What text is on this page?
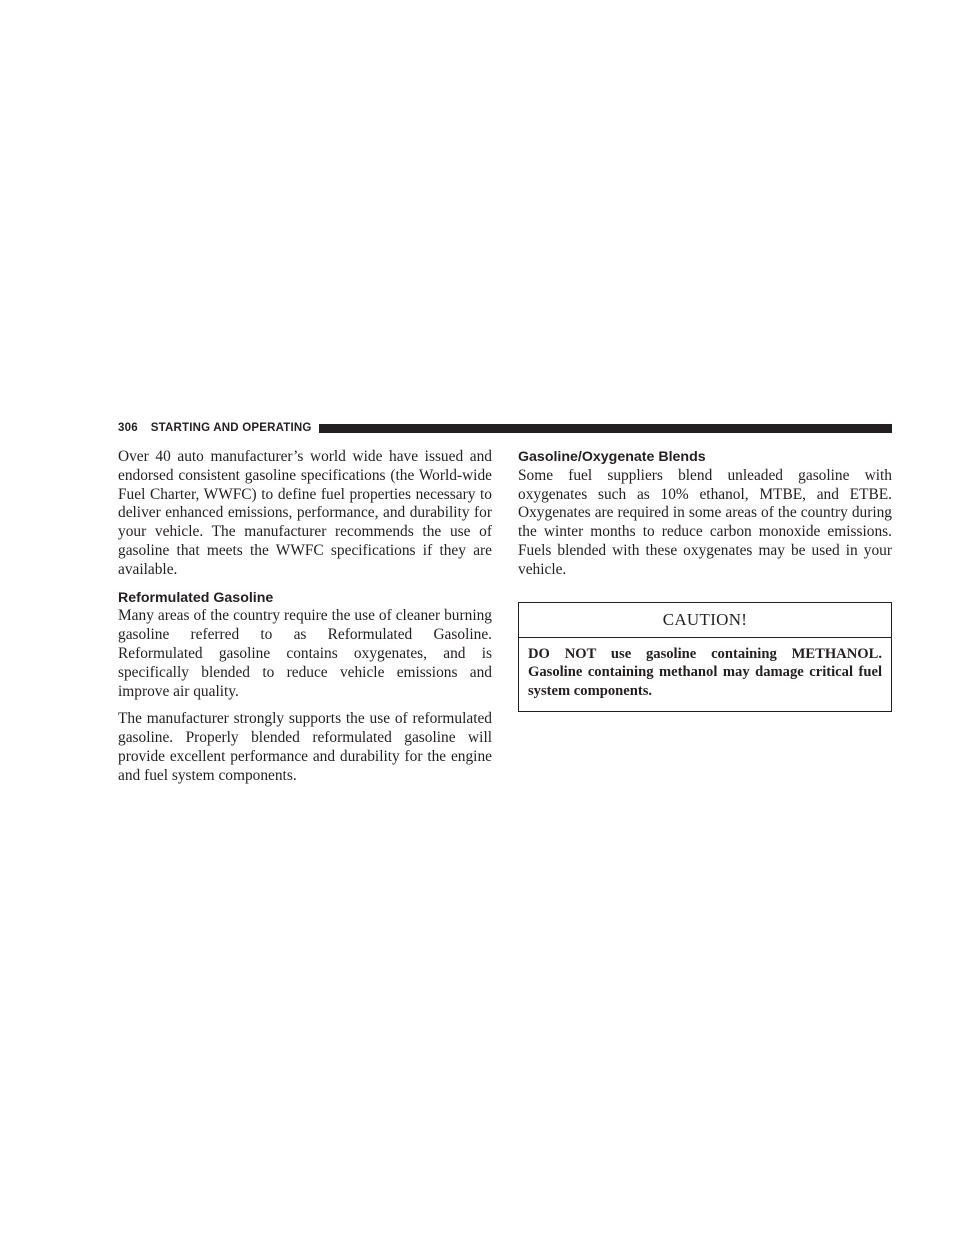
306 STARTING AND OPERATING

Over 40 auto manufacturer’s world wide have issued and endorsed consistent gasoline specifications (the World-wide Fuel Charter, WWFC) to define fuel properties necessary to deliver enhanced emissions, performance, and durability for your vehicle. The manufacturer recommends the use of gasoline that meets the WWFC specifications if they are available.

Reformulated Gasoline

Many areas of the country require the use of cleaner burning gasoline referred to as Reformulated Gasoline. Reformulated gasoline contains oxygenates, and is specifically blended to reduce vehicle emissions and improve air quality.

The manufacturer strongly supports the use of reformulated gasoline. Properly blended reformulated gasoline will provide excellent performance and durability for the engine and fuel system components.

Gasoline/Oxygenate Blends

Some fuel suppliers blend unleaded gasoline with oxygenates such as 10% ethanol, MTBE, and ETBE. Oxygenates are required in some areas of the country during the winter months to reduce carbon monoxide emissions. Fuels blended with these oxygenates may be used in your vehicle.

CAUTION!
DO NOT use gasoline containing METHANOL. Gasoline containing methanol may damage critical fuel system components.
